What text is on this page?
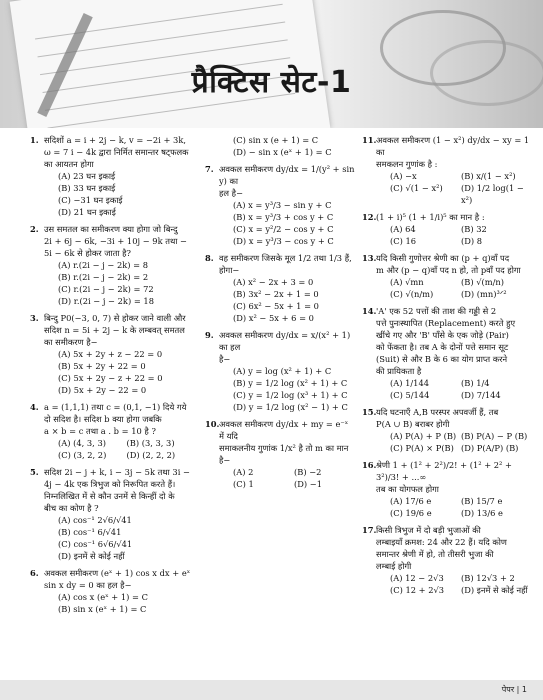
प्रैक्टिस सेट-1
1. सदिशों a = i + 2j − k, v = −2i + 3k,
ω = 7 i − 4k द्वारा निर्मित समान्तर षट्फलक
का आयतन होगा
(A) 23 घन इकाई
(B) 33 घन इकाई
(C) −31 घन इकाई
(D) 21 घन इकाई
2. उस समतल का समीकरण क्या होगा जो बिन्दु
2i + 6j − 6k, −3i + 10j − 9k तथा −
5i − 6k से होकर जाता है?
(A) r.(2i − j − 2k) = 8
(B) r.(2i − j − 2k) = 2
(C) r.(2i − j − 2k) = 72
(D) r.(2i − j − 2k) = 18
3. बिन्दु P0(−3, 0, 7) से होकर जाने वाली और
सदिश n = 5i + 2j − k के लम्बवत् समतल
का समीकरण है−
(A) 5x + 2y + z − 22 = 0
(B) 5x + 2y + 22 = 0
(C) 5x + 2y − z + 22 = 0
(D) 5x + 2y − 22 = 0
4. a = (1,1,1) तथा c = (0,1, −1) दिये गये
दो सदिश है। सदिश b क्या होगा जबकि
a × b = c तथा a . b = 10 है ?
(A) (4, 3, 3)	(B) (3, 3, 3)
(C) (3, 2, 2)	(D) (2, 2, 2)
5. सदिश 2i − j + k, i − 3j − 5k तथा 3i −
4j − 4k एक त्रिभुज को निरूपित करते हैं।
निम्नलिखित में से कौन उनमें से किन्हीं दो के
बीच का कोण है ?
(A) cos⁻¹ 2√6/√41
(B) cos⁻¹ 6/√41
(C) cos⁻¹ 6√6/√41
(D) इनमें से कोई नहीं
6. अवकल समीकरण (eˣ + 1) cos x dx + eˣ
sin x dy = 0 का हल है−
(A) cos x (eˣ + 1) = C
(B) sin x (eˣ + 1) = C
(C) sin x (e + 1) = C
(D) − sin x (eˣ + 1) = C
7. अवकल समीकरण dy/dx = 1/(y² + sin y) का
हल है−
(A) x = y³/3 − sin y + C
(B) x = y³/3 + cos y + C
(C) x = y²/2 − cos y + C
(D) x = y³/3 − cos y + C
8. वह समीकरण जिसके मूल 1/2 तथा 1/3 हैं,
होगा−
(A) x² − 2x + 3 = 0
(B) 3x² − 2x + 1 = 0
(C) 6x² − 5x + 1 = 0
(D) x² − 5x + 6 = 0
9. अवकल समीकरण dy/dx = x/(x² + 1) का हल
है−
(A) y = log (x² + 1) + C
(B) y = 1/2 log (x² + 1) + C
(C) y = 1/2 log (x³ + 1) + C
(D) y = 1/2 log (x² − 1) + C
10. अवकल समीकरण dy/dx + my = e⁻ˣ में यदि
समाकलनीय गुणांक 1/x² है तो m का मान
है−
(A) 2	(B) −2
(C) 1	(D) −1
11. अवकल समीकरण (1 − x²) dy/dx − xy = 1 का
समकलन गुणांक है :
(A) −x	(B) x/(1 − x²)
(C) √(1 − x²)	(D) 1/2 log(1 − x²)
12. (1 + i)⁵ (1 + 1/i)⁵ का मान है :
(A) 64	(B) 32
(C) 16	(D) 8
13. यदि किसी गुणोत्तर श्रेणी का (p + q)वाँ पद
m और (p − q)वाँ पद n हो, तो pवाँ पद होगा
(A) √mn	(B) √(m/n)
(C) √(n/m)	(D) (mn)³ᐟ²
14. 'A' एक 52 पत्तों की ताश की गड्डी से 2
पत्ते पुनःस्थापित (Replacement) करते हुए
खींचे गए और 'B' पाँसे के एक जोड़े (Pair)
को फेंकता है। तब A के दोनों पत्ते समान सूट
(Suit) से और B के 6 का योग प्राप्त करने
की प्रायिकता है
(A) 1/144	(B) 1/4
(C) 5/144	(D) 7/144
15. यदि घटनाएँ A,B परस्पर अपवर्जी हैं, तब
P(A ∪ B) बराबर होगी
(A) P(A) + P (B) (B) P(A) − P (B)
(C) P(A) × P(B) (D) P(A/P) (B)
16. श्रेणी 1 + (1² + 2²)/2! + (1² + 2² + 3²)/3! + ...∞
तब का योगफल होगा
(A) 17/6 e	(B) 15/7 e
(C) 19/6 e	(D) 13/6 e
17. किसी त्रिभुज में दो बड़ी भुजाओं की
लम्बाइयाँ क्रमश: 24 और 22 हैं। यदि कोण
समान्तर श्रेणी में हो, तो तीसरी भुजा की
लम्बाई होगी
(A) 12 − 2√3	(B) 12√3 + 2
(C) 12 + 2√3	(D) इनमें से कोई नहीं
पेपर | 1
